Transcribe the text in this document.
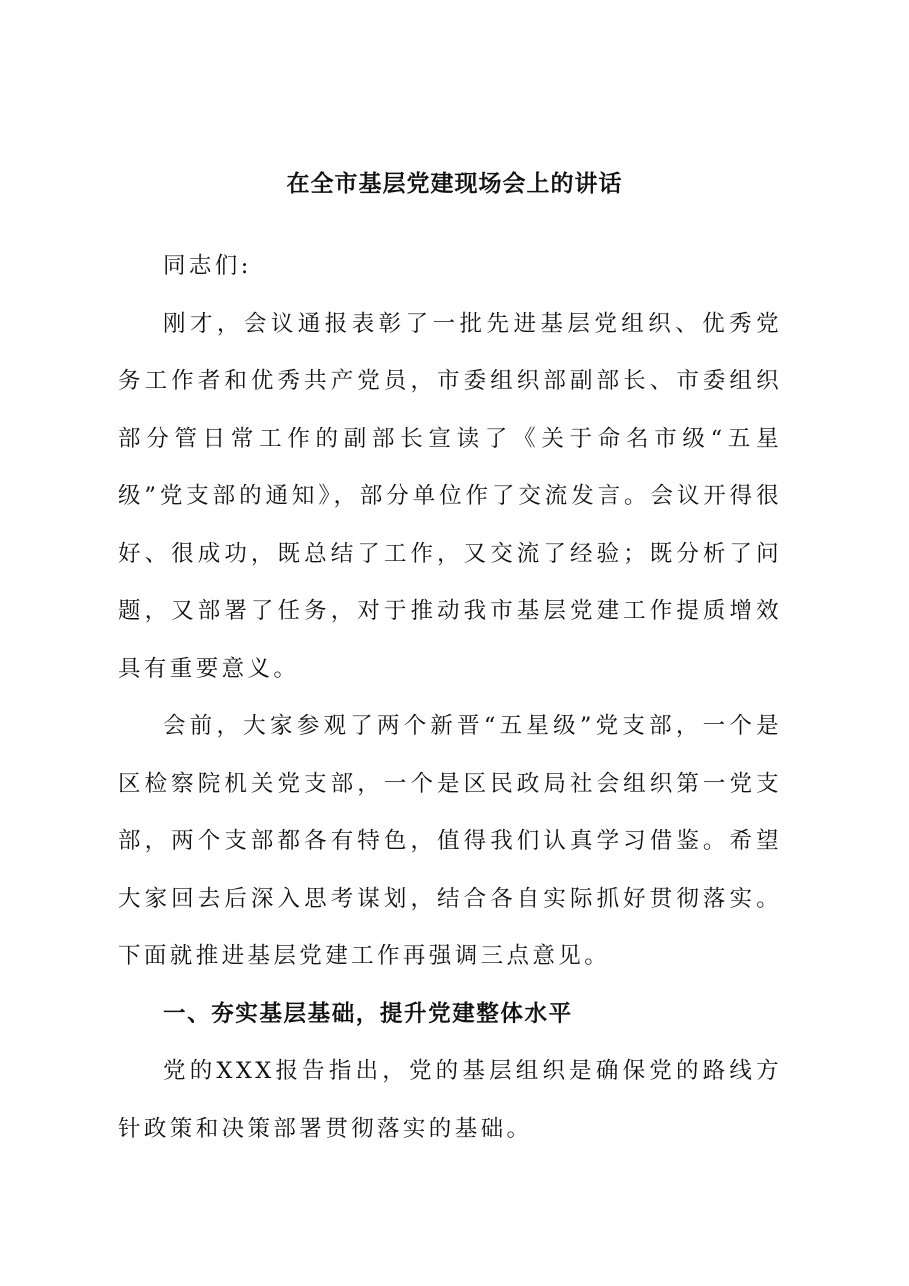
在全市基层党建现场会上的讲话

同志们:

刚才，会议通报表彰了一批先进基层党组织、优秀党务工作者和优秀共产党员，市委组织部副部长、市委组织部分管日常工作的副部长宣读了《关于命名市级“五星级”党支部的通知》，部分单位作了交流发言。会议开得很好、很成功，既总结了工作，又交流了经验；既分析了问题，又部署了任务，对于推动我市基层党建工作提质增效具有重要意义。

会前，大家参观了两个新晋“五星级”党支部，一个是区检察院机关党支部，一个是区民政局社会组织第一党支部，两个支部都各有特色，值得我们认真学习借鉴。希望大家回去后深入思考谋划，结合各自实际抓好贯彻落实。下面就推进基层党建工作再强调三点意见。

一、夯实基层基础，提升党建整体水平

党的XXX报告指出，党的基层组织是确保党的路线方针政策和决策部署贯彻落实的基础。
